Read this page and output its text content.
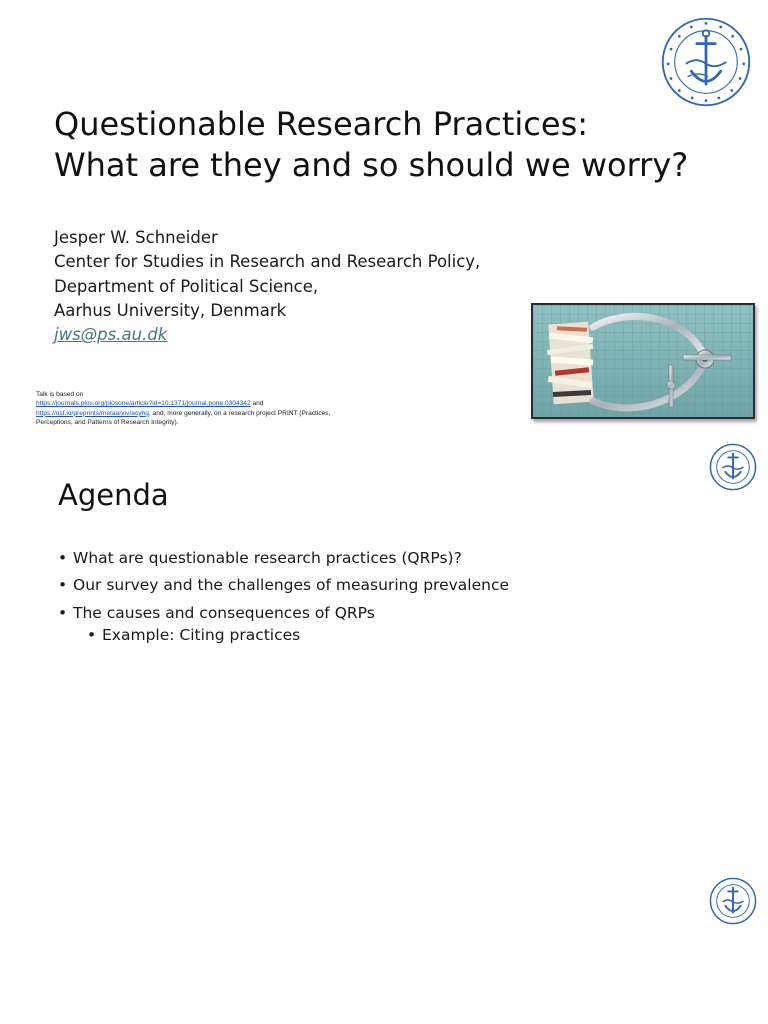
Questionable Research Practices:
What are they and so should we worry?
Jesper W. Schneider
Center for Studies in Research and Research Policy,
Department of Political Science,
Aarhus University, Denmark
jws@ps.au.dk
Talk is based on
https://journals.plos.org/plosone/article?id=10.1371/journal.pone.0304342 and
https://osf.io/preprints/metaarxiv/acyhg, and, more generally, on a research project PRINT (Practices, Perceptions, and Patterns of Research Integrity).
Agenda
• What are questionable research practices (QRPs)?
• Our survey and the challenges of measuring prevalence
• The causes and consequences of QRPs
• Example: Citing practices
